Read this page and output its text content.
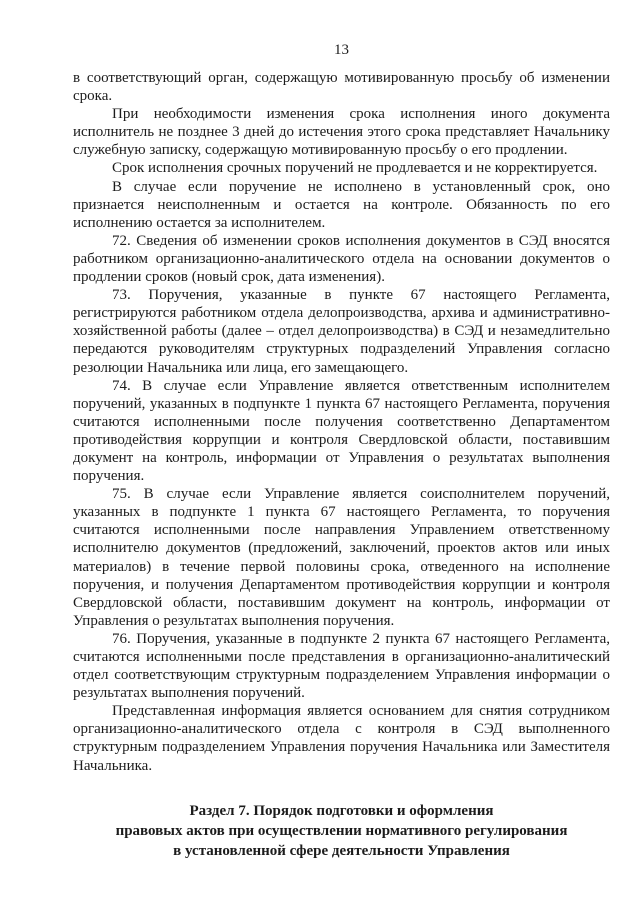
13

в соответствующий орган, содержащую мотивированную просьбу об изменении срока.

При необходимости изменения срока исполнения иного документа исполнитель не позднее 3 дней до истечения этого срока представляет Начальнику служебную записку, содержащую мотивированную просьбу о его продлении.

Срок исполнения срочных поручений не продлевается и не корректируется.

В случае если поручение не исполнено в установленный срок, оно признается неисполненным и остается на контроле. Обязанность по его исполнению остается за исполнителем.

72. Сведения об изменении сроков исполнения документов в СЭД вносятся работником организационно-аналитического отдела на основании документов о продлении сроков (новый срок, дата изменения).

73. Поручения, указанные в пункте 67 настоящего Регламента, регистрируются работником отдела делопроизводства, архива и административно-хозяйственной работы (далее – отдел делопроизводства) в СЭД и незамедлительно передаются руководителям структурных подразделений Управления согласно резолюции Начальника или лица, его замещающего.

74. В случае если Управление является ответственным исполнителем поручений, указанных в подпункте 1 пункта 67 настоящего Регламента, поручения считаются исполненными после получения соответственно Департаментом противодействия коррупции и контроля Свердловской области, поставившим документ на контроль, информации от Управления о результатах выполнения поручения.

75. В случае если Управление является соисполнителем поручений, указанных в подпункте 1 пункта 67 настоящего Регламента, то поручения считаются исполненными после направления Управлением ответственному исполнителю документов (предложений, заключений, проектов актов или иных материалов) в течение первой половины срока, отведенного на исполнение поручения, и получения Департаментом противодействия коррупции и контроля Свердловской области, поставившим документ на контроль, информации от Управления о результатах выполнения поручения.

76. Поручения, указанные в подпункте 2 пункта 67 настоящего Регламента, считаются исполненными после представления в организационно-аналитический отдел соответствующим структурным подразделением Управления информации о результатах выполнения поручений.

Представленная информация является основанием для снятия сотрудником организационно-аналитического отдела с контроля в СЭД выполненного структурным подразделением Управления поручения Начальника или Заместителя Начальника.

Раздел 7. Порядок подготовки и оформления
правовых актов при осуществлении нормативного регулирования
в установленной сфере деятельности Управления
